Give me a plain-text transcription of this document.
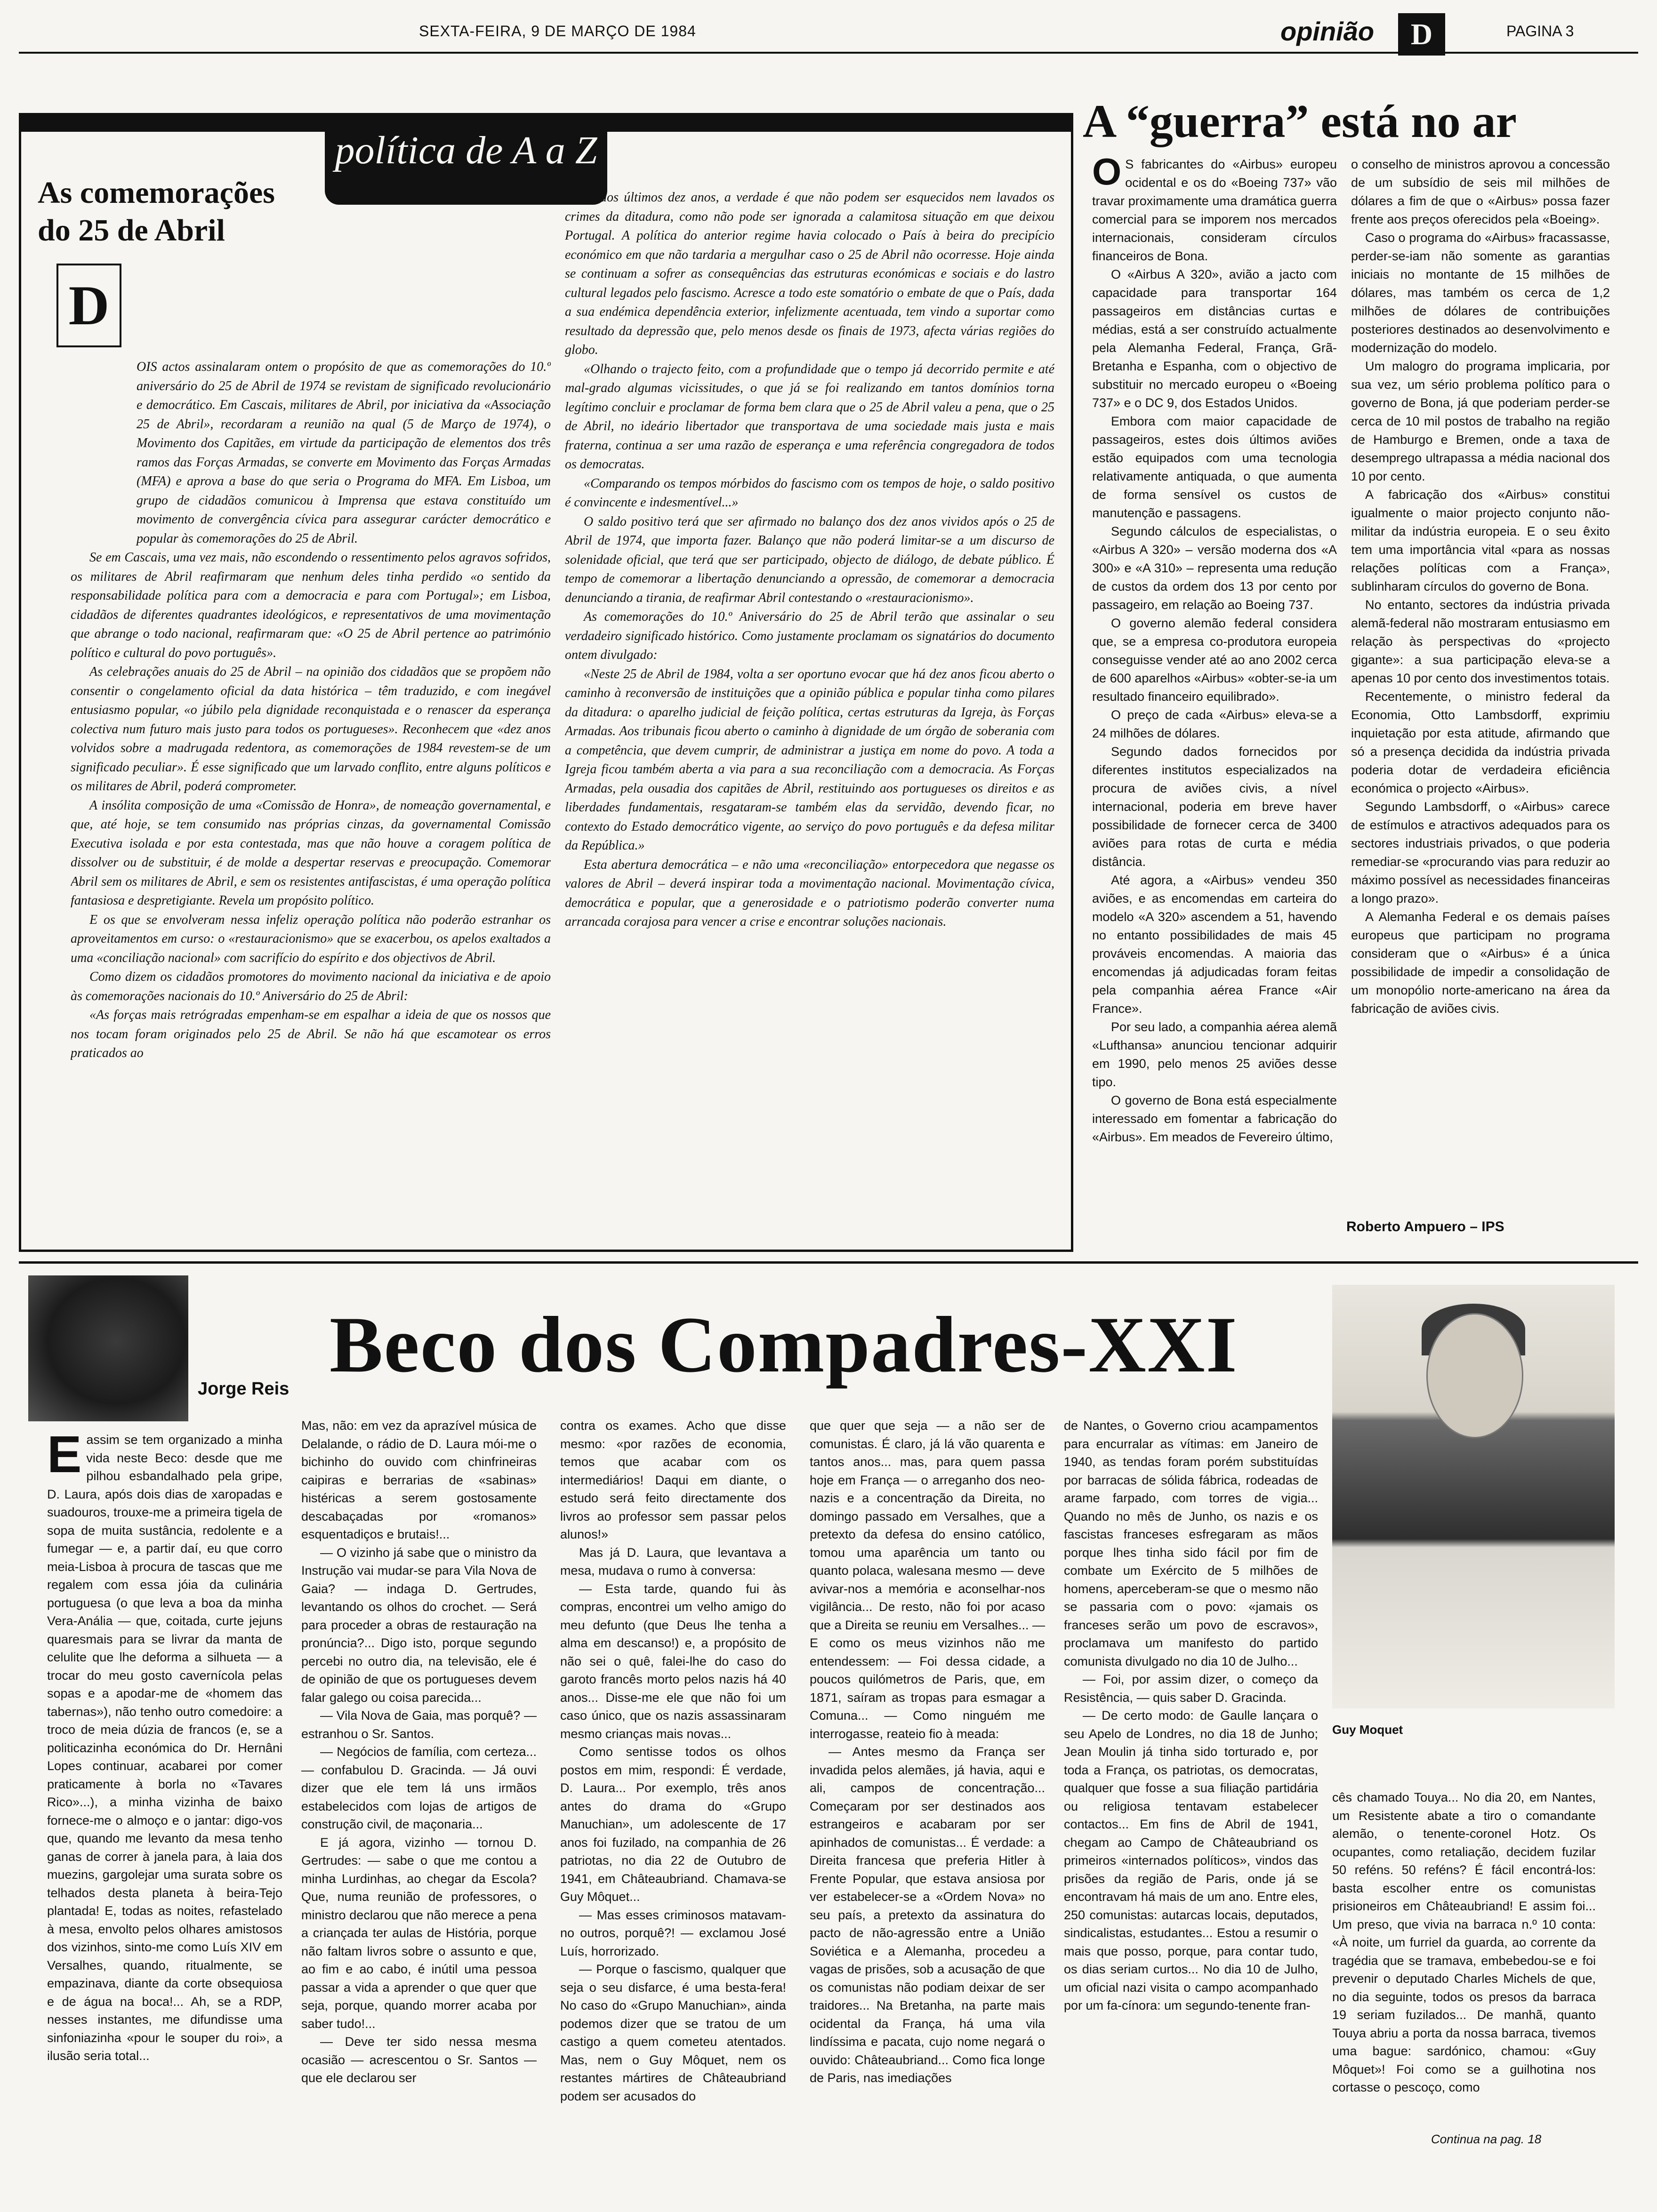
SEXTA-FEIRA, 9 DE MARÇO DE 1984	opinião	D	PAGINA 3
política de A a Z
As comemorações do 25 de Abril
D

OIS actos assinalaram ontem o propósito de que as comemorações do 10.º aniversário do 25 de Abril de 1974 se revistam de significado revolucionário e democrático. Em Cascais, militares de Abril, por iniciativa da «Associação 25 de Abril», recordaram a reunião na qual (5 de Março de 1974), o Movimento dos Capitães, em virtude da participação de elementos dos três ramos das Forças Armadas, se converte em Movimento das Forças Armadas (MFA) e aprova a base do que seria o Programa do MFA. Em Lisboa, um grupo de cidadãos comunicou à Imprensa que estava constituído um movimento de convergência cívica para assegurar carácter democrático e popular às comemorações do 25 de Abril.

Se em Cascais, uma vez mais, não escondendo o ressentimento pelos agravos sofridos, os militares de Abril reafirmaram que nenhum deles tinha perdido «o sentido da responsabilidade política para com a democracia e para com Portugal»; em Lisboa, cidadãos de diferentes quadrantes ideológicos, e representativos de uma movimentação que abrange o todo nacional, reafirmaram que: «O 25 de Abril pertence ao património político e cultural do povo português».

As celebrações anuais do 25 de Abril – na opinião dos cidadãos que se propõem não consentir o congelamento oficial da data histórica – têm traduzido, e com inegável entusiasmo popular, «o júbilo pela dignidade reconquistada e o renascer da esperança colectiva num futuro mais justo para todos os portugueses». Reconhecem que «dez anos volvidos sobre a madrugada redentora, as comemorações de 1984 revestem-se de um significado peculiar». É esse significado que um larvado conflito, entre alguns políticos e os militares de Abril, poderá comprometer.

A insólita composição de uma «Comissão de Honra», de nomeação governamental, e que, até hoje, se tem consumido nas próprias cinzas, da governamental Comissão Executiva isolada e por esta contestada, mas que não houve a coragem política de dissolver ou de substituir, é de molde a despertar reservas e preocupação. Comemorar Abril sem os militares de Abril, e sem os resistentes antifascistas, é uma operação política fantasiosa e despretigiante. Revela um propósito político.

E os que se envolveram nessa infeliz operação política não poderão estranhar os aproveitamentos em curso: o «restauracionismo» que se exacerbou, os apelos exaltados a uma «conciliação nacional» com sacrifício do espírito e dos objectivos de Abril.

Como dizem os cidadãos promotores do movimento nacional da iniciativa e de apoio às comemorações nacionais do 10.º Aniversário do 25 de Abril:

«As forças mais retrógradas empenham-se em espalhar a ideia de que os nossos que nos tocam foram originados pelo 25 de Abril. Se não há que escamotear os erros praticados ao

longo dos últimos dez anos, a verdade é que não podem ser esquecidos nem lavados os crimes da ditadura, como não pode ser ignorada a calamitosa situação em que deixou Portugal. A política do anterior regime havia colocado o País à beira do precipício económico em que não tardaria a mergulhar caso o 25 de Abril não ocorresse. Hoje ainda se continuam a sofrer as consequências das estruturas económicas e sociais e do lastro cultural legados pelo fascismo. Acresce a todo este somatório o embate de que o País, dada a sua endémica dependência exterior, infelizmente acentuada, tem vindo a suportar como resultado da depressão que, pelo menos desde os finais de 1973, afecta várias regiões do globo.

«Olhando o trajecto feito, com a profundidade que o tempo já decorrido permite e até mal-grado algumas vicissitudes, o que já se foi realizando em tantos domínios torna legítimo concluir e proclamar de forma bem clara que o 25 de Abril valeu a pena, que o 25 de Abril, no ideário libertador que transportava de uma sociedade mais justa e mais fraterna, continua a ser uma razão de esperança e uma referência congregadora de todos os democratas.

«Comparando os tempos mórbidos do fascismo com os tempos de hoje, o saldo positivo é convincente e indesmentível...»

O saldo positivo terá que ser afirmado no balanço dos dez anos vividos após o 25 de Abril de 1974, que importa fazer. Balanço que não poderá limitar-se a um discurso de solenidade oficial, que terá que ser participado, objecto de diálogo, de debate público. É tempo de comemorar a libertação denunciando a opressão, de comemorar a democracia denunciando a tirania, de reafirmar Abril contestando o «restauracionismo».

As comemorações do 10.º Aniversário do 25 de Abril terão que assinalar o seu verdadeiro significado histórico. Como justamente proclamam os signatários do documento ontem divulgado:

«Neste 25 de Abril de 1984, volta a ser oportuno evocar que há dez anos ficou aberto o caminho à reconversão de instituições que a opinião pública e popular tinha como pilares da ditadura: o aparelho judicial de feição política, certas estruturas da Igreja, às Forças Armadas. Aos tribunais ficou aberto o caminho à dignidade de um órgão de soberania com a competência, que devem cumprir, de administrar a justiça em nome do povo. A toda a Igreja ficou também aberta a via para a sua reconciliação com a democracia. As Forças Armadas, pela ousadia dos capitães de Abril, restituindo aos portugueses os direitos e as liberdades fundamentais, resgataram-se também elas da servidão, devendo ficar, no contexto do Estado democrático vigente, ao serviço do povo português e da defesa militar da República.»

Esta abertura democrática – e não uma «reconciliação» entorpecedora que negasse os valores de Abril – deverá inspirar toda a movimentação nacional. Movimentação cívica, democrática e popular, que a generosidade e o patriotismo poderão converter numa arrancada corajosa para vencer a crise e encontrar soluções nacionais.

A “guerra” está no ar

O S fabricantes do «Airbus» europeu ocidental e os do «Boeing 737» vão travar proximamente uma dramática guerra comercial para se imporem nos mercados internacionais, consideram círculos financeiros de Bona.

O «Airbus A 320», avião a jacto com capacidade para transportar 164 passageiros em distâncias curtas e médias, está a ser construído actualmente pela Alemanha Federal, França, Grã-Bretanha e Espanha, com o objectivo de substituir no mercado europeu o «Boeing 737» e o DC 9, dos Estados Unidos.

Embora com maior capacidade de passageiros, estes dois últimos aviões estão equipados com uma tecnologia relativamente antiquada, o que aumenta de forma sensível os custos de manutenção e passagens.

Segundo cálculos de especialistas, o «Airbus A 320» – versão moderna dos «A 300» e «A 310» – representa uma redução de custos da ordem dos 13 por cento por passageiro, em relação ao Boeing 737.

O governo alemão federal considera que, se a empresa co-produtora europeia conseguisse vender até ao ano 2002 cerca de 600 aparelhos «Airbus» «obter-se-ia um resultado financeiro equilibrado».

O preço de cada «Airbus» eleva-se a 24 milhões de dólares.

Segundo dados fornecidos por diferentes institutos especializados na procura de aviões civis, a nível internacional, poderia em breve haver possibilidade de fornecer cerca de 3400 aviões para rotas de curta e média distância.

Até agora, a «Airbus» vendeu 350 aviões, e as encomendas em carteira do modelo «A 320» ascendem a 51, havendo no entanto possibilidades de mais 45 prováveis encomendas. A maioria das encomendas já adjudicadas foram feitas pela companhia aérea France «Air France».

Por seu lado, a companhia aérea alemã «Lufthansa» anunciou tencionar adquirir em 1990, pelo menos 25 aviões desse tipo.

O governo de Bona está especialmente interessado em fomentar a fabricação do «Airbus». Em meados de Fevereiro último,

o conselho de ministros aprovou a concessão de um subsídio de seis mil milhões de dólares a fim de que o «Airbus» possa fazer frente aos preços oferecidos pela «Boeing».

Caso o programa do «Airbus» fracassasse, perder-se-iam não somente as garantias iniciais no montante de 15 milhões de dólares, mas também os cerca de 1,2 milhões de dólares de contribuições posteriores destinados ao desenvolvimento e modernização do modelo.

Um malogro do programa implicaria, por sua vez, um sério problema político para o governo de Bona, já que poderiam perder-se cerca de 10 mil postos de trabalho na região de Hamburgo e Bremen, onde a taxa de desemprego ultrapassa a média nacional dos 10 por cento.

A fabricação dos «Airbus» constitui igualmente o maior projecto conjunto não-militar da indústria europeia. E o seu êxito tem uma importância vital «para as nossas relações políticas com a França», sublinharam círculos do governo de Bona.

No entanto, sectores da indústria privada alemã-federal não mostraram entusiasmo em relação às perspectivas do «projecto gigante»: a sua participação eleva-se a apenas 10 por cento dos investimentos totais.

Recentemente, o ministro federal da Economia, Otto Lambsdorff, exprimiu inquietação por esta atitude, afirmando que só a presença decidida da indústria privada poderia dotar de verdadeira eficiência económica o projecto «Airbus».

Segundo Lambsdorff, o «Airbus» carece de estímulos e atractivos adequados para os sectores industriais privados, o que poderia remediar-se «procurando vias para reduzir ao máximo possível as necessidades financeiras a longo prazo».

A Alemanha Federal e os demais países europeus que participam no programa consideram que o «Airbus» é a única possibilidade de impedir a consolidação de um monopólio norte-americano na área da fabricação de aviões civis.

Roberto Ampuero – IPS
Jorge Reis Beco dos Compadres-XXI

Eassim se tem organizado a minha vida neste Beco: desde que me pilhou esbandalhado pela gripe, D. Laura, após dois dias de xaropadas e suadouros, trouxe-me a primeira tigela de sopa de muita sustância, redolente e a fumegar — e, a partir daí, eu que corro meia-Lisboa à procura de tascas que me regalem com essa jóia da culinária portuguesa (o que leva a boa da minha Vera-Anália — que, coitada, curte jejuns quaresmais para se livrar da manta de celulite que lhe deforma a silhueta — a trocar do meu gosto cavernícola pelas sopas e a apodar-me de «homem das tabernas»), não tenho outro comedoire: a troco de meia dúzia de francos (e, se a politicazinha económica do Dr. Hernâni Lopes continuar, acabarei por comer praticamente à borla no «Tavares Rico»...), a minha vizinha de baixo fornece-me o almoço e o jantar: digo-vos que, quando me levanto da mesa tenho ganas de correr à janela para, à laia dos muezins, gargolejar uma surata sobre os telhados desta planeta à beira-Tejo plantada! E, todas as noites, refastelado à mesa, envolto pelos olhares amistosos dos vizinhos, sinto-me como Luís XIV em Versalhes, quando, ritualmente, se empazinava, diante da corte obsequiosa e de água na boca!... Ah, se a RDP, nesses instantes, me difundisse uma sinfoniazinha «pour le souper du roi», a ilusão seria total...

Mas, não: em vez da aprazível música de Delalande, o rádio de D. Laura mói-me o bichinho do ouvido com chinfrineiras caipiras e berrarias de «sabinas» histéricas a serem gostosamente descabaçadas por «romanos» esquentadiços e brutais!...

— O vizinho já sabe que o ministro da Instrução vai mudar-se para Vila Nova de Gaia? — indaga D. Gertrudes, levantando os olhos do crochet. — Será para proceder a obras de restauração na pronúncia?... Digo isto, porque segundo percebi no outro dia, na televisão, ele é de opinião de que os portugueses devem falar galego ou coisa parecida...

— Vila Nova de Gaia, mas porquê? — estranhou o Sr. Santos.

— Negócios de família, com certeza... — confabulou D. Gracinda. — Já ouvi dizer que ele tem lá uns irmãos estabelecidos com lojas de artigos de construção civil, de maçonaria...

E já agora, vizinho — tornou D. Gertrudes: — sabe o que me contou a minha Lurdinhas, ao chegar da Escola? Que, numa reunião de professores, o ministro declarou que não merece a pena a criançada ter aulas de História, porque não faltam livros sobre o assunto e que, ao fim e ao cabo, é inútil uma pessoa passar a vida a aprender o que quer que seja, porque, quando morrer acaba por saber tudo!...

— Deve ter sido nessa mesma ocasião — acrescentou o Sr. Santos — que ele declarou ser

contra os exames. Acho que disse mesmo: «por razões de economia, temos que acabar com os intermediários! Daqui em diante, o estudo será feito directamente dos livros ao professor sem passar pelos alunos!»

Mas já D. Laura, que levantava a mesa, mudava o rumo à conversa:

— Esta tarde, quando fui às compras, encontrei um velho amigo do meu defunto (que Deus lhe tenha a alma em descanso!) e, a propósito de não sei o quê, falei-lhe do caso do garoto francês morto pelos nazis há 40 anos... Disse-me ele que não foi um caso único, que os nazis assassinaram mesmo crianças mais novas...

Como sentisse todos os olhos postos em mim, respondi: É verdade, D. Laura... Por exemplo, três anos antes do drama do «Grupo Manuchian», um adolescente de 17 anos foi fuzilado, na companhia de 26 patriotas, no dia 22 de Outubro de 1941, em Châteaubriand. Chamava-se Guy Môquet...

— Mas esses criminosos matavam-no outros, porquê?! — exclamou José Luís, horrorizado.

— Porque o fascismo, qualquer que seja o seu disfarce, é uma besta-fera! No caso do «Grupo Manuchian», ainda podemos dizer que se tratou de um castigo a quem cometeu atentados. Mas, nem o Guy Môquet, nem os restantes mártires de Châteaubriand podem ser acusados do

que quer que seja — a não ser de comunistas. É claro, já lá vão quarenta e tantos anos... mas, para quem passa hoje em França — o arreganho dos neo-nazis e a concentração da Direita, no domingo passado em Versalhes, que a pretexto da defesa do ensino católico, tomou uma aparência um tanto ou quanto polaca, walesana mesmo — deve avivar-nos a memória e aconselhar-nos vigilância... De resto, não foi por acaso que a Direita se reuniu em Versalhes... — E como os meus vizinhos não me entendessem: — Foi dessa cidade, a poucos quilómetros de Paris, que, em 1871, saíram as tropas para esmagar a Comuna... — Como ninguém me interrogasse, reateio fio à meada:

— Antes mesmo da França ser invadida pelos alemães, já havia, aqui e ali, campos de concentração... Começaram por ser destinados aos estrangeiros e acabaram por ser apinhados de comunistas... É verdade: a Direita francesa que preferia Hitler à Frente Popular, que estava ansiosa por ver estabelecer-se a «Ordem Nova» no seu país, a pretexto da assinatura do pacto de não-agressão entre a União Soviética e a Alemanha, procedeu a vagas de prisões, sob a acusação de que os comunistas não podiam deixar de ser traidores... Na Bretanha, na parte mais ocidental da França, há uma vila lindíssima e pacata, cujo nome negará o ouvido: Châteaubriand... Como fica longe de Paris, nas imediações

de Nantes, o Governo criou acampamentos para encurralar as vítimas: em Janeiro de 1940, as tendas foram porém substituídas por barracas de sólida fábrica, rodeadas de arame farpado, com torres de vigia... Quando no mês de Junho, os nazis e os fascistas franceses esfregaram as mãos porque lhes tinha sido fácil por fim de combate um Exército de 5 milhões de homens, aperceberam-se que o mesmo não se passaria com o povo: «jamais os franceses serão um povo de escravos», proclamava um manifesto do partido comunista divulgado no dia 10 de Julho...

— Foi, por assim dizer, o começo da Resistência, — quis saber D. Gracinda.

— De certo modo: de Gaulle lançara o seu Apelo de Londres, no dia 18 de Junho; Jean Moulin já tinha sido torturado e, por toda a França, os patriotas, os democratas, qualquer que fosse a sua filiação partidária ou religiosa tentavam estabelecer contactos... Em fins de Abril de 1941, chegam ao Campo de Châteaubriand os primeiros «internados políticos», vindos das prisões da região de Paris, onde já se encontravam há mais de um ano. Entre eles, 250 comunistas: autarcas locais, deputados, sindicalistas, estudantes... Estou a resumir o mais que posso, porque, para contar tudo, os dias seriam curtos... No dia 10 de Julho, um oficial nazi visita o campo acompanhado por um fa-cínora: um segundo-tenente fran-

Guy Moquet

cês chamado Touya... No dia 20, em Nantes, um Resistente abate a tiro o comandante alemão, o tenente-coronel Hotz. Os ocupantes, como retaliação, decidem fuzilar 50 reféns. 50 reféns? É fácil encontrá-los: basta escolher entre os comunistas prisioneiros em Châteaubriand! E assim foi... Um preso, que vivia na barraca n.º 10 conta: «À noite, um furriel da guarda, ao corrente da tragédia que se tramava, embebedou-se e foi prevenir o deputado Charles Michels de que, no dia seguinte, todos os presos da barraca 19 seriam fuzilados... De manhã, quanto Touya abriu a porta da nossa barraca, tivemos uma bague: sardónico, chamou: «Guy Môquet»! Foi como se a guilhotina nos cortasse o pescoço, como

Continua na pag. 18
